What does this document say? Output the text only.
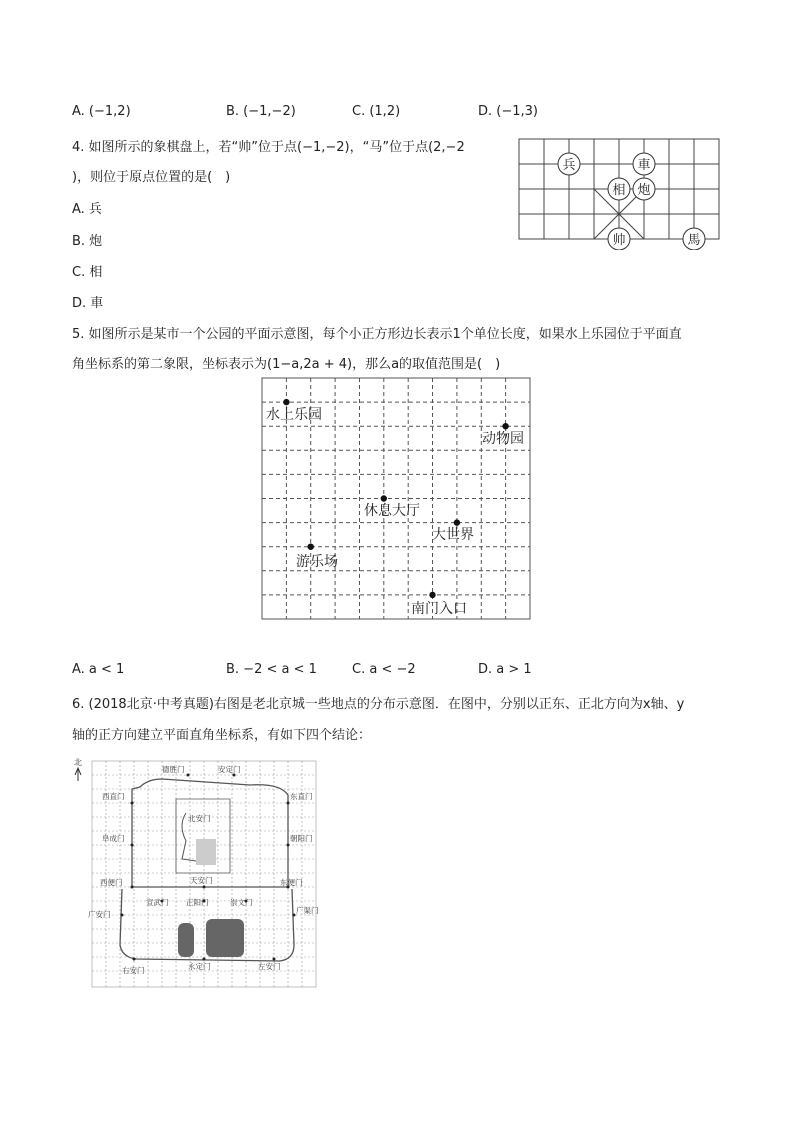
A. (−1,2)	B. (−1,−2)	C. (1,2)	D. (−1,3)
4. 如图所示的象棋盘上，若“帅”位于点(−1,−2)，“马”位于点(2,−2
)，则位于原点位置的是(　)
A. 兵
B. 炮
C. 相
D. 車
兵	車
相 炮
帅	馬
5. 如图所示是某市一个公园的平面示意图，每个小正方形边长表示1个单位长度，如果水上乐园位于平面直
角坐标系的第二象限，坐标表示为(1−a,2a + 4)，那么a的取值范围是(　)
水上乐园
动物园
休息大厅
大世界
游乐场
南门入口
A. a < 1	B. −2 < a < 1	C. a < −2	D. a > 1
6. (2018北京·中考真题)右图是老北京城一些地点的分布示意图．在图中，分别以正东、正北方向为x轴、y
轴的正方向建立平面直角坐标系，有如下四个结论：
北
德胜门	安定门
西直门	东直门
北安门
阜成门	朝阳门
西便门	天安门	东便门
宣武门 正阳门	崇文门
广安门	广渠门
右安门	永定门	左安门
